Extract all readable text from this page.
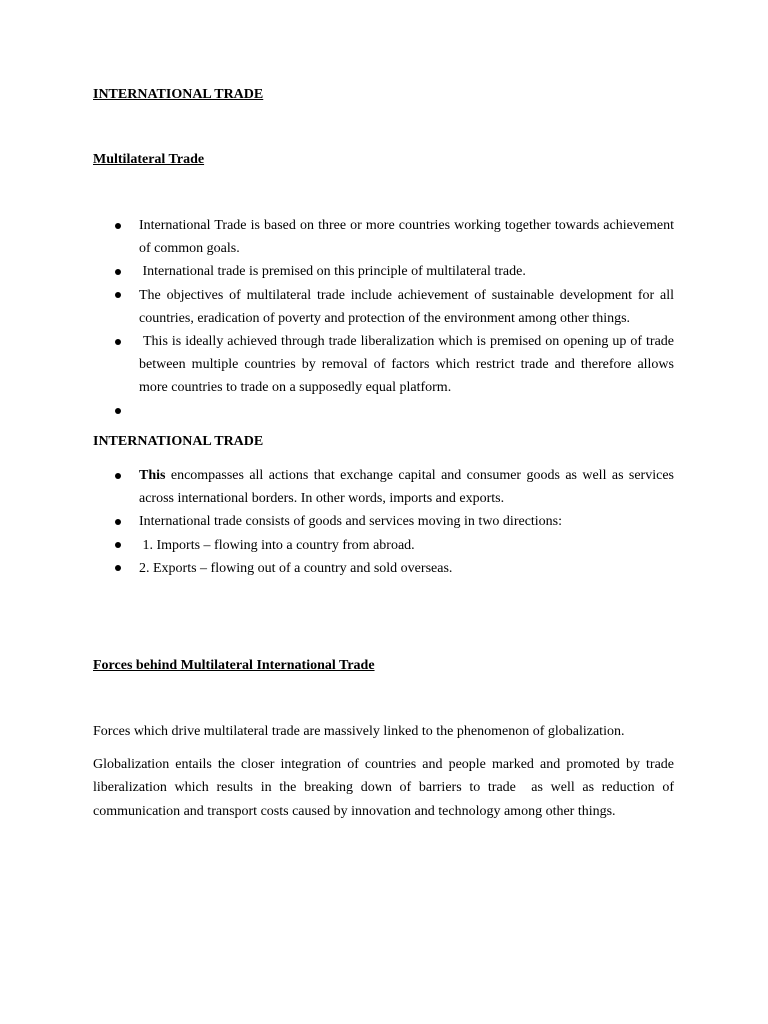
INTERNATIONAL TRADE
Multilateral Trade
International Trade is based on three or more countries working together towards achievement of common goals.
International trade is premised on this principle of multilateral trade.
The objectives of multilateral trade include achievement of sustainable development for all countries, eradication of poverty and protection of the environment among other things.
This is ideally achieved through trade liberalization which is premised on opening up of trade between multiple countries by removal of factors which restrict trade and therefore allows more countries to trade on a supposedly equal platform.
INTERNATIONAL TRADE
This encompasses all actions that exchange capital and consumer goods as well as services across international borders. In other words, imports and exports.
International trade consists of goods and services moving in two directions:
1. Imports – flowing into a country from abroad.
2. Exports – flowing out of a country and sold overseas.
Forces behind Multilateral International Trade
Forces which drive multilateral trade are massively linked to the phenomenon of globalization.
Globalization entails the closer integration of countries and people marked and promoted by trade liberalization which results in the breaking down of barriers to trade  as well as reduction of communication and transport costs caused by innovation and technology among other things.
